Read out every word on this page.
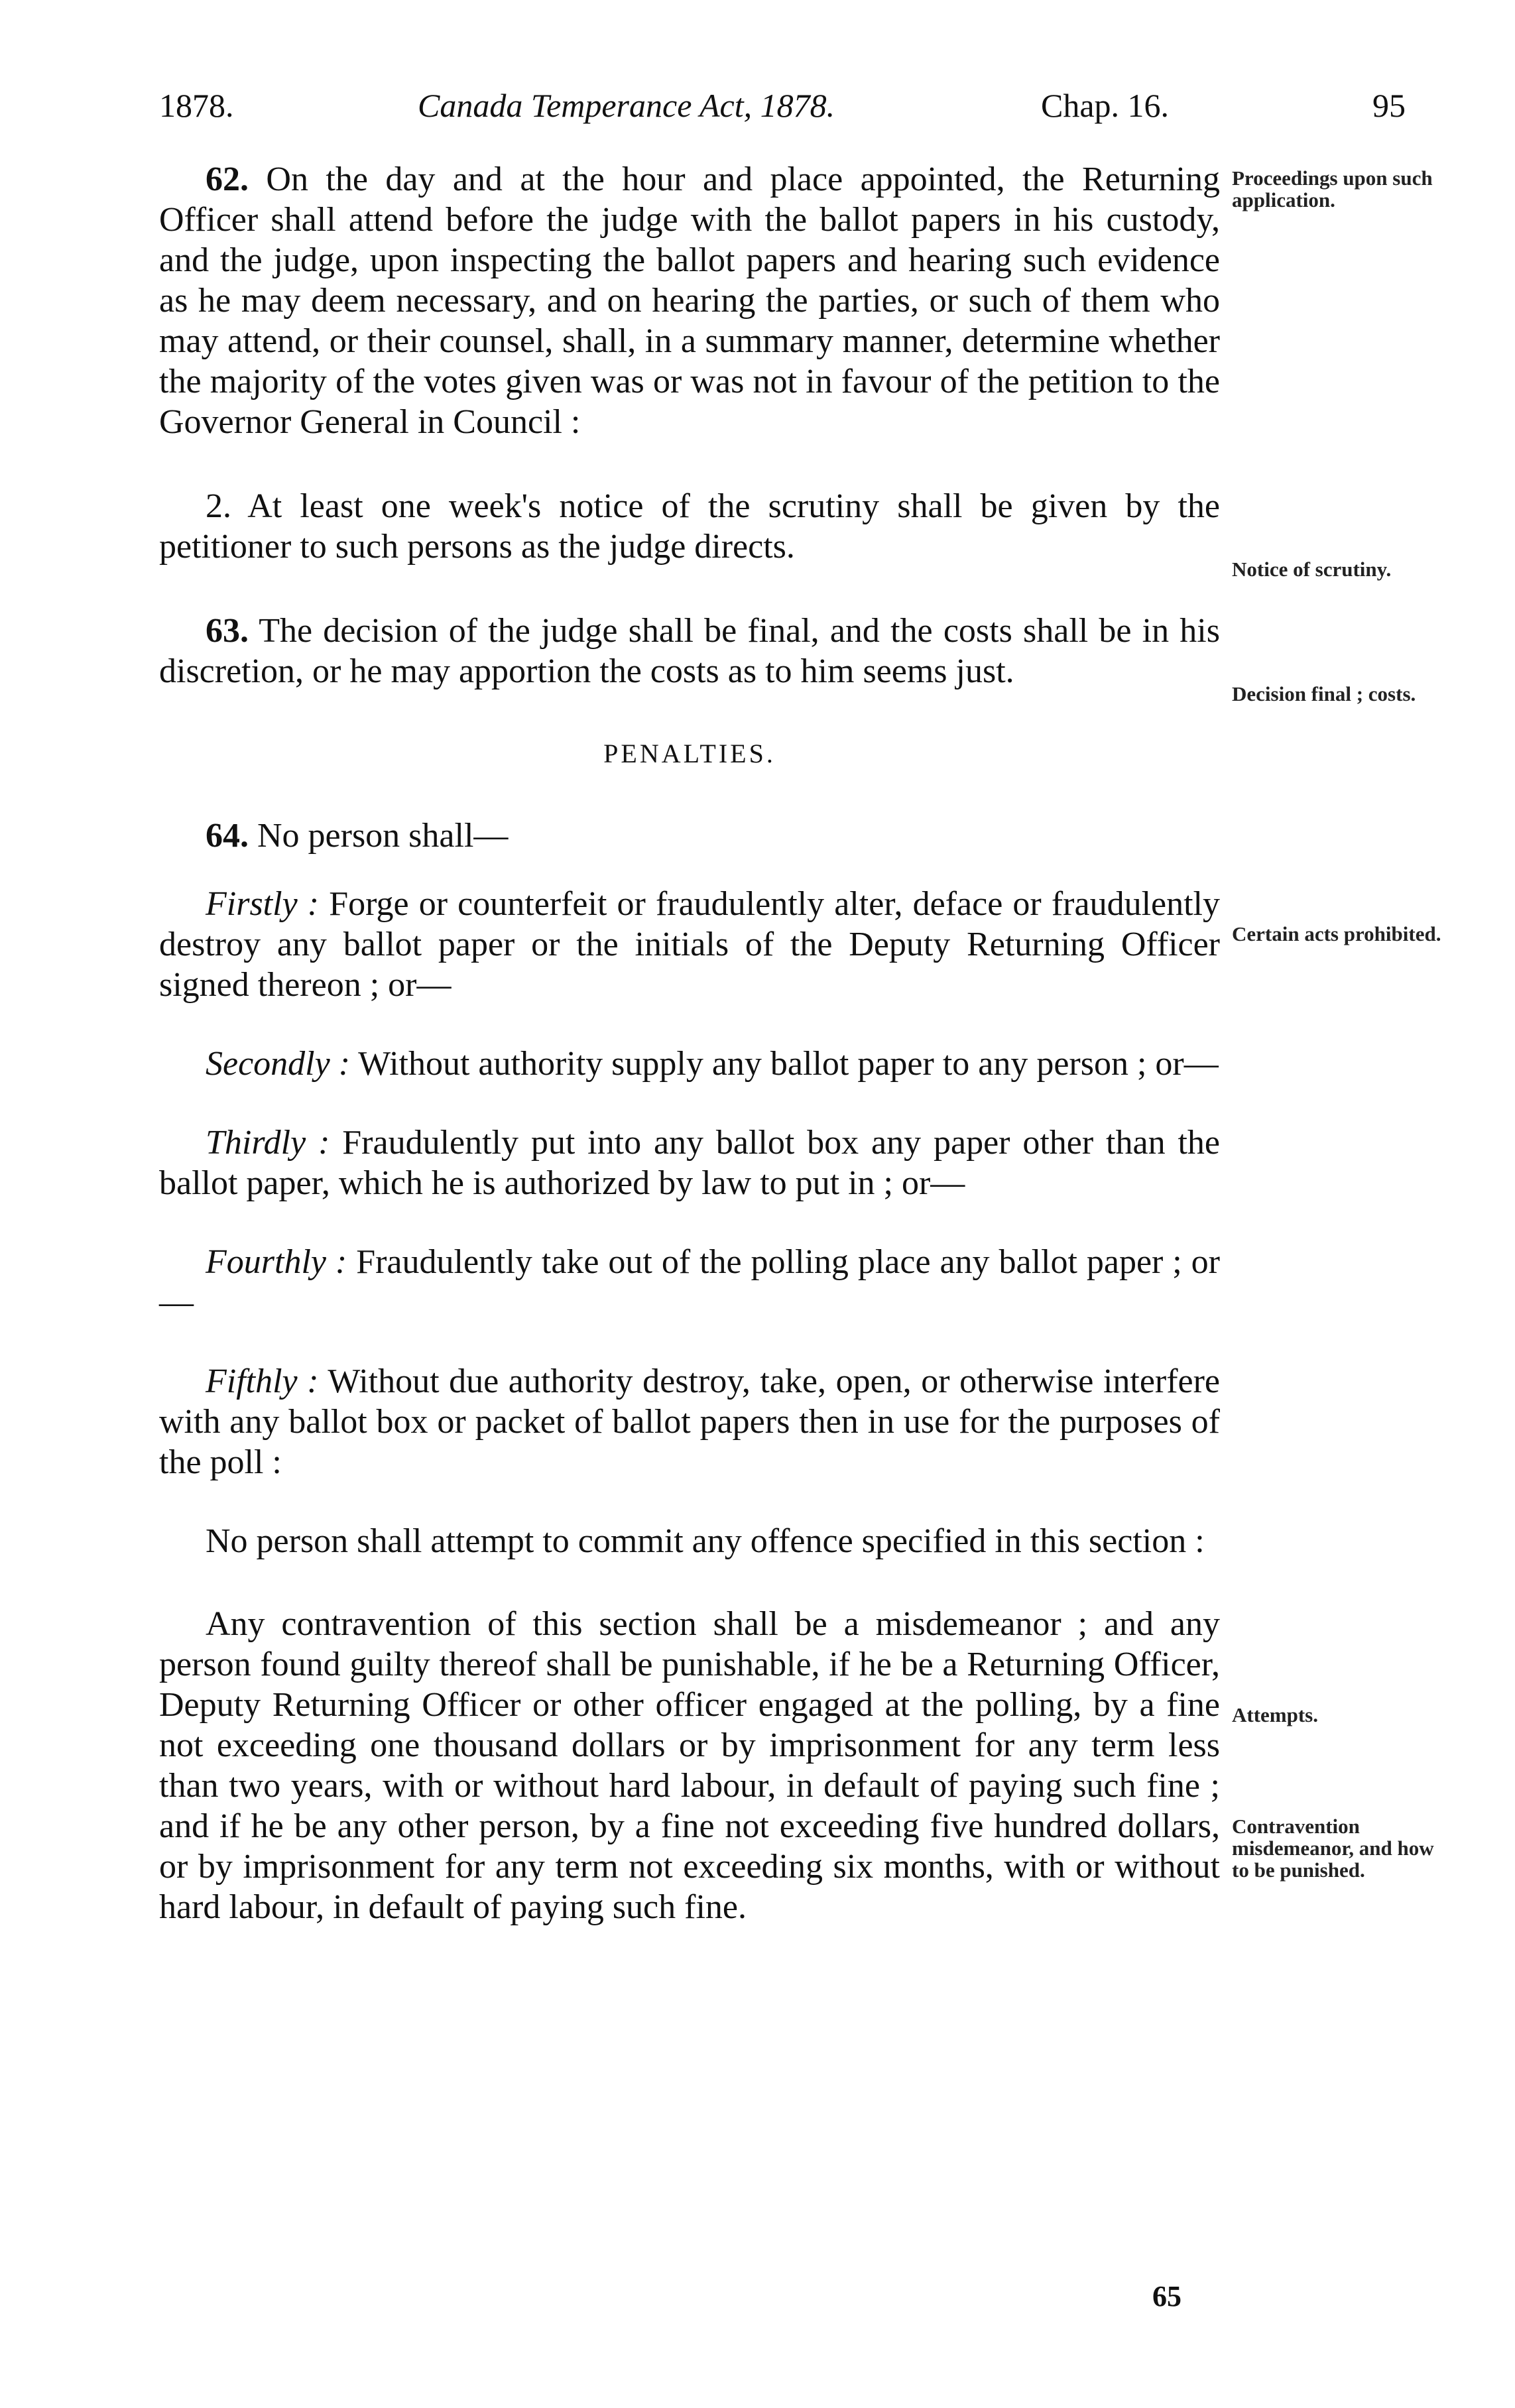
1878.	Canada Temperance Act, 1878.	Chap. 16.	95

62. On the day and at the hour and place appointed, the Returning Officer shall attend before the judge with the ballot papers in his custody, and the judge, upon inspecting the ballot papers and hearing such evidence as he may deem necessary, and on hearing the parties, or such of them who may attend, or their counsel, shall, in a summary manner, determine whether the majority of the votes given was or was not in favour of the petition to the Governor General in Council :

2. At least one week's notice of the scrutiny shall be given by the petitioner to such persons as the judge directs.

63. The decision of the judge shall be final, and the costs shall be in his discretion, or he may apportion the costs as to him seems just.

PENALTIES.

64. No person shall—

Firstly : Forge or counterfeit or fraudulently alter, deface or fraudulently destroy any ballot paper or the initials of the Deputy Returning Officer signed thereon ; or—

Secondly : Without authority supply any ballot paper to any person ; or—

Thirdly : Fraudulently put into any ballot box any paper other than the ballot paper, which he is authorized by law to put in ; or—

Fourthly : Fraudulently take out of the polling place any ballot paper ; or—

Fifthly : Without due authority destroy, take, open, or otherwise interfere with any ballot box or packet of ballot papers then in use for the purposes of the poll :

No person shall attempt to commit any offence specified in this section :

Any contravention of this section shall be a misdemeanor ; and any person found guilty thereof shall be punishable, if he be a Returning Officer, Deputy Returning Officer or other officer engaged at the polling, by a fine not exceeding one thousand dollars or by imprisonment for any term less than two years, with or without hard labour, in default of paying such fine ; and if he be any other person, by a fine not exceeding five hundred dollars, or by imprisonment for any term not exceeding six months, with or without hard labour, in default of paying such fine.

Proceedings upon such application.
Notice of scrutiny.
Decision final ; costs.
Certain acts prohibited.
Attempts.
Contravention misdemeanor, and how to be punished.
65
